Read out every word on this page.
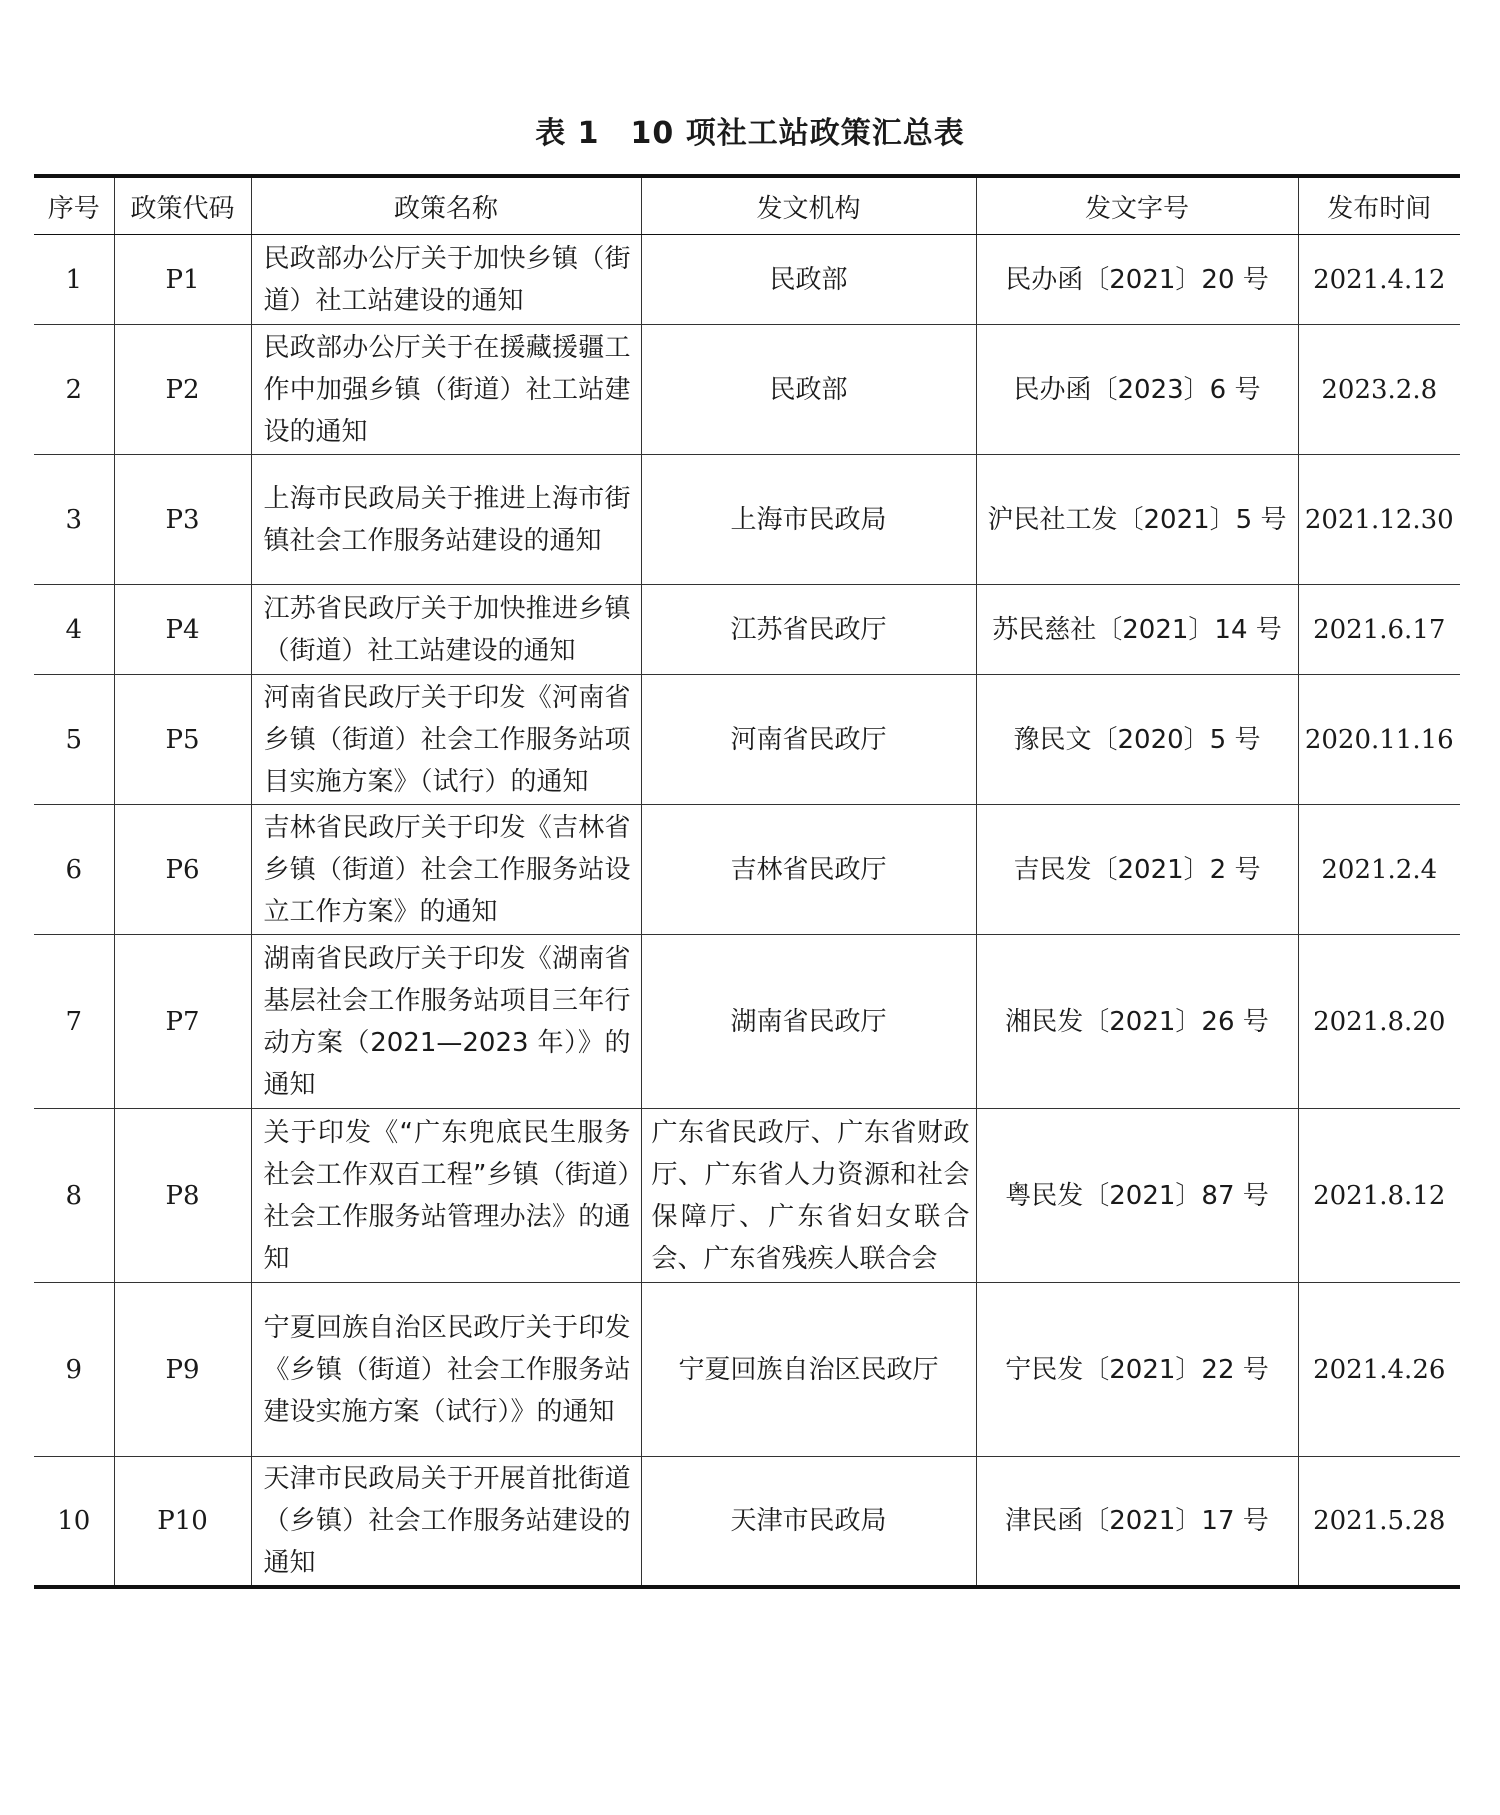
表 1　10 项社工站政策汇总表
序号	政策代码	政策名称	发文机构	发文字号	发布时间
1	P1	民政部办公厅关于加快乡镇（街道）社工站建设的通知	民政部	民办函〔2021〕20 号	2021.4.12
2	P2	民政部办公厅关于在援藏援疆工作中加强乡镇（街道）社工站建设的通知	民政部	民办函〔2023〕6 号	2023.2.8
3	P3	上海市民政局关于推进上海市街镇社会工作服务站建设的通知	上海市民政局	沪民社工发〔2021〕5 号	2021.12.30
4	P4	江苏省民政厅关于加快推进乡镇（街道）社工站建设的通知	江苏省民政厅	苏民慈社〔2021〕14 号	2021.6.17
5	P5	河南省民政厅关于印发《河南省乡镇（街道）社会工作服务站项目实施方案》（试行）的通知	河南省民政厅	豫民文〔2020〕5 号	2020.11.16
6	P6	吉林省民政厅关于印发《吉林省乡镇（街道）社会工作服务站设立工作方案》的通知	吉林省民政厅	吉民发〔2021〕2 号	2021.2.4
7	P7	湖南省民政厅关于印发《湖南省基层社会工作服务站项目三年行动方案（2021—2023 年）》的通知	湖南省民政厅	湘民发〔2021〕26 号	2021.8.20
8	P8	关于印发《“广东兜底民生服务社会工作双百工程”乡镇（街道）社会工作服务站管理办法》的通知	广东省民政厅、广东省财政厅、广东省人力资源和社会保障厅、广东省妇女联合会、广东省残疾人联合会	粤民发〔2021〕87 号	2021.8.12
9	P9	宁夏回族自治区民政厅关于印发《乡镇（街道）社会工作服务站建设实施方案（试行）》的通知	宁夏回族自治区民政厅	宁民发〔2021〕22 号	2021.4.26
10	P10	天津市民政局关于开展首批街道（乡镇）社会工作服务站建设的通知	天津市民政局	津民函〔2021〕17 号	2021.5.28
